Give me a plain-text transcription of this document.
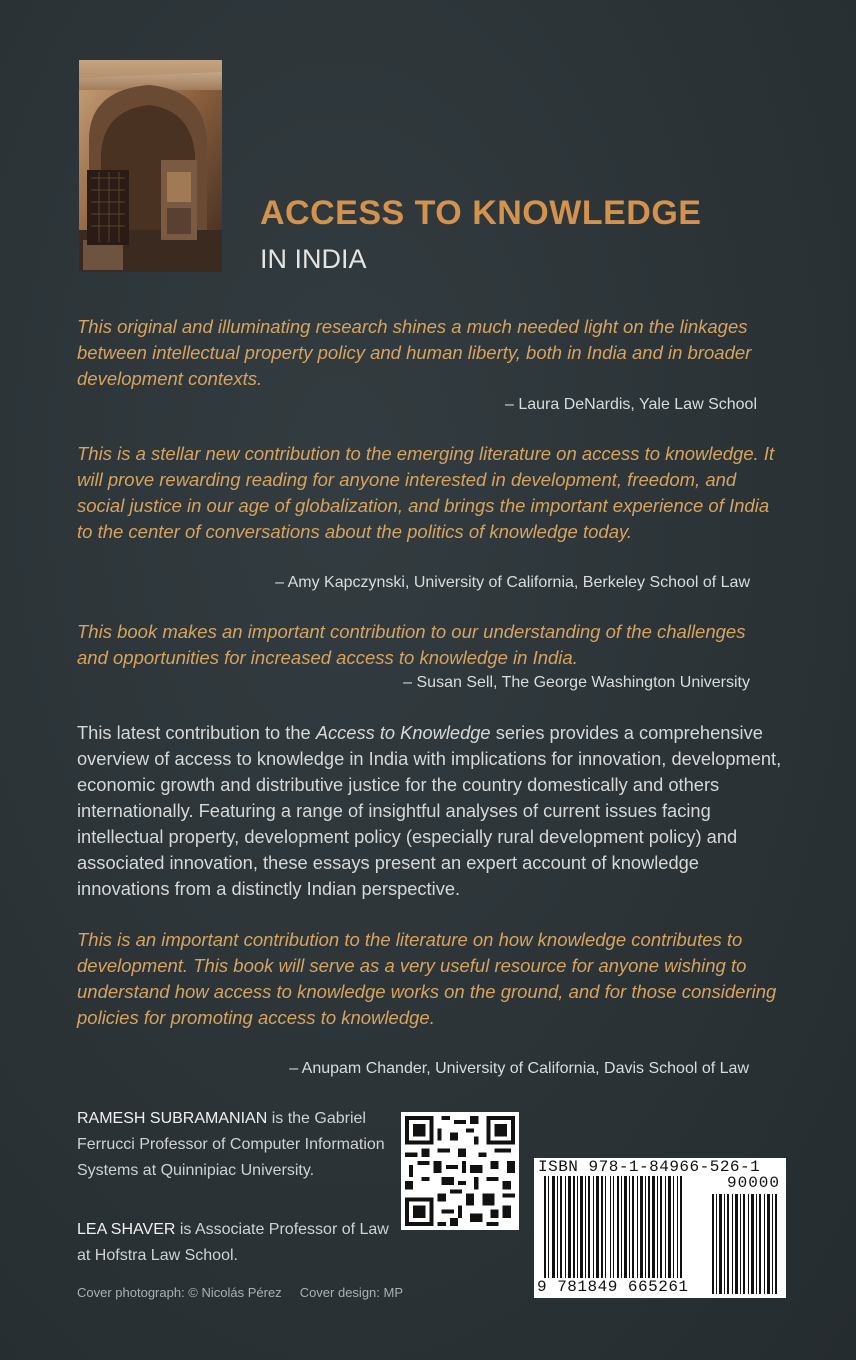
ACCESS TO KNOWLEDGE
IN INDIA
This original and illuminating research shines a much needed light on the linkages between intellectual property policy and human liberty, both in India and in broader development contexts.
– Laura DeNardis, Yale Law School
This is a stellar new contribution to the emerging literature on access to knowledge. It will prove rewarding reading for anyone interested in development, freedom, and social justice in our age of globalization, and brings the important experience of India to the center of conversations about the politics of knowledge today.
– Amy Kapczynski, University of California, Berkeley School of Law
This book makes an important contribution to our understanding of the challenges and opportunities for increased access to knowledge in India.
– Susan Sell, The George Washington University
This latest contribution to the Access to Knowledge series provides a comprehensive overview of access to knowledge in India with implications for innovation, development, economic growth and distributive justice for the country domestically and others internationally. Featuring a range of insightful analyses of current issues facing intellectual property, development policy (especially rural development policy) and associated innovation, these essays present an expert account of knowledge innovations from a distinctly Indian perspective.
This is an important contribution to the literature on how knowledge contributes to development. This book will serve as a very useful resource for anyone wishing to understand how access to knowledge works on the ground, and for those considering policies for promoting access to knowledge.
– Anupam Chander, University of California, Davis School of Law
RAMESH SUBRAMANIAN is the Gabriel Ferrucci Professor of Computer Information Systems at Quinnipiac University.
LEA SHAVER is Associate Professor of Law at Hofstra Law School.
Cover photograph: © Nicolás Pérez Cover design: MP
ISBN 978-1-84966-526-1
90000
9 781849 665261
